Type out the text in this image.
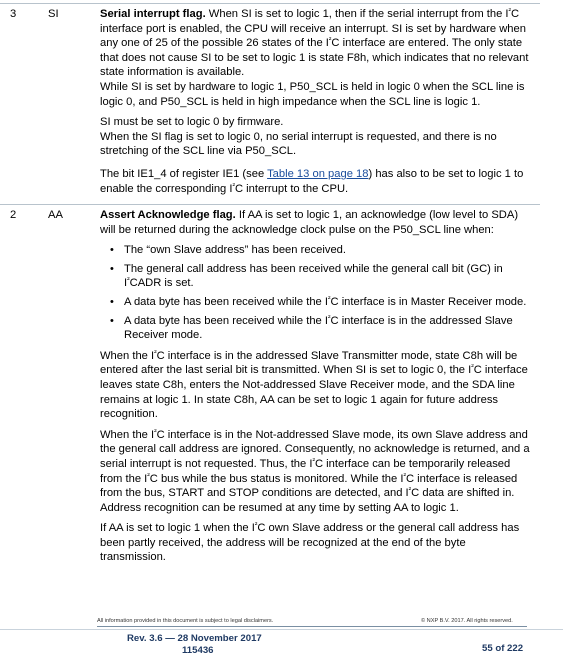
3	SI	Serial interrupt flag. When SI is set to logic 1, then if the serial interrupt from the $I^{^2}C$ interface port is enabled, the CPU will receive an interrupt. SI is set by hardware when any one of 25 of the possible 26 states of the $I^{^2}C$ interface are entered. The only state that does not cause SI to be set to logic 1 is state F8h, which indicates that no relevant state information is available.

While SI is set by hardware to logic 1, P50_SCL is held in logic 0 when the SCL line is logic 0, and P50_SCL is held in high impedance when the SCL line is logic 1.

SI must be set to logic 0 by firmware.

When the SI flag is set to logic 0, no serial interrupt is requested, and there is no stretching of the SCL line via P50_SCL.

The bit IE1_4 of register IE1 (see Table 13 on page 18) has also to be set to logic 1 to enable the corresponding $I^{^2}C$ interrupt to the CPU.

2	AA	Assert Acknowledge flag. If AA is set to logic 1, an acknowledge (low level to SDA) will be returned during the acknowledge clock pulse on the P50_SCL line when:

• The “own Slave address” has been received.
• The general call address has been received while the general call bit (GC) in $I^{^2}CADR$ is set.
• A data byte has been received while the $I^{^2}C$ interface is in Master Receiver mode.
• A data byte has been received while the $I^{^2}C$ interface is in the addressed Slave Receiver mode.

When the $I^{^2}C$ interface is in the addressed Slave Transmitter mode, state C8h will be entered after the last serial bit is transmitted. When SI is set to logic 0, the $I^{^2}C$ interface leaves state C8h, enters the Not-addressed Slave Receiver mode, and the SDA line remains at logic 1. In state C8h, AA can be set to logic 1 again for future address recognition.

When the $I^{^2}C$ interface is in the Not-addressed Slave mode, its own Slave address and the general call address are ignored. Consequently, no acknowledge is returned, and a serial interrupt is not requested. Thus, the $I^{^2}C$ interface can be temporarily released from the $I^{^2}C$ bus while the bus status is monitored. While the $I^{^2}C$ interface is released from the bus, START and STOP conditions are detected, and $I^{^2}C$ data are shifted in. Address recognition can be resumed at any time by setting AA to logic 1.

If AA is set to logic 1 when the $I^{^2}C$ own Slave address or the general call address has been partly received, the address will be recognized at the end of the byte transmission.

All information provided in this document is subject to legal disclaimers.	© NXP B.V. 2017. All rights reserved.
Rev. 3.6 — 28 November 2017
115436	55 of 222
